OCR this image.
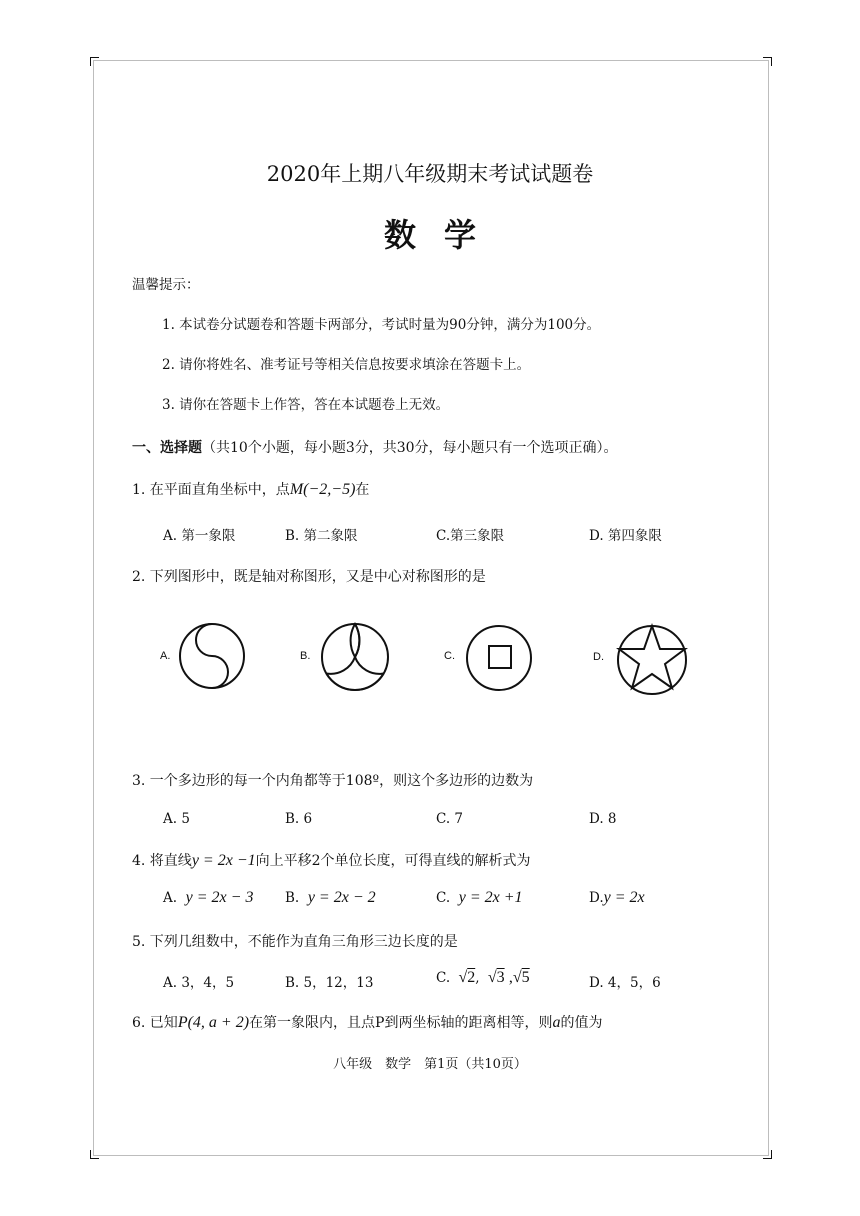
2020年上期八年级期末考试试题卷
数学
温馨提示：
1. 本试卷分试题卷和答题卡两部分，考试时量为90分钟，满分为100分。
2. 请你将姓名、准考证号等相关信息按要求填涂在答题卡上。
3. 请你在答题卡上作答，答在本试题卷上无效。
一、选择题（共10个小题，每小题3分，共30分，每小题只有一个选项正确）。
1. 在平面直角坐标中，点M(−2,−5)在
A. 第一象限	B. 第二象限	C.第三象限	D. 第四象限
2. 下列图形中，既是轴对称图形，又是中心对称图形的是
A.	B.	C.	D.
3. 一个多边形的每一个内角都等于108º，则这个多边形的边数为
A. 5	B. 6	C. 7	D. 8
4. 将直线y = 2x −1向上平移2个单位长度，可得直线的解析式为
A. y = 2x − 3 B. y = 2x − 2	C. y = 2x +1	D.y = 2x
5. 下列几组数中，不能作为直角三角形三边长度的是
A. 3，4，5	B. 5，12，13	C.  √2,  √3 ,√5	D. 4，5，6
6. 已知P(4, a + 2)在第一象限内，且点P到两坐标轴的距离相等，则a的值为
八年级　数学　第1页（共10页）
